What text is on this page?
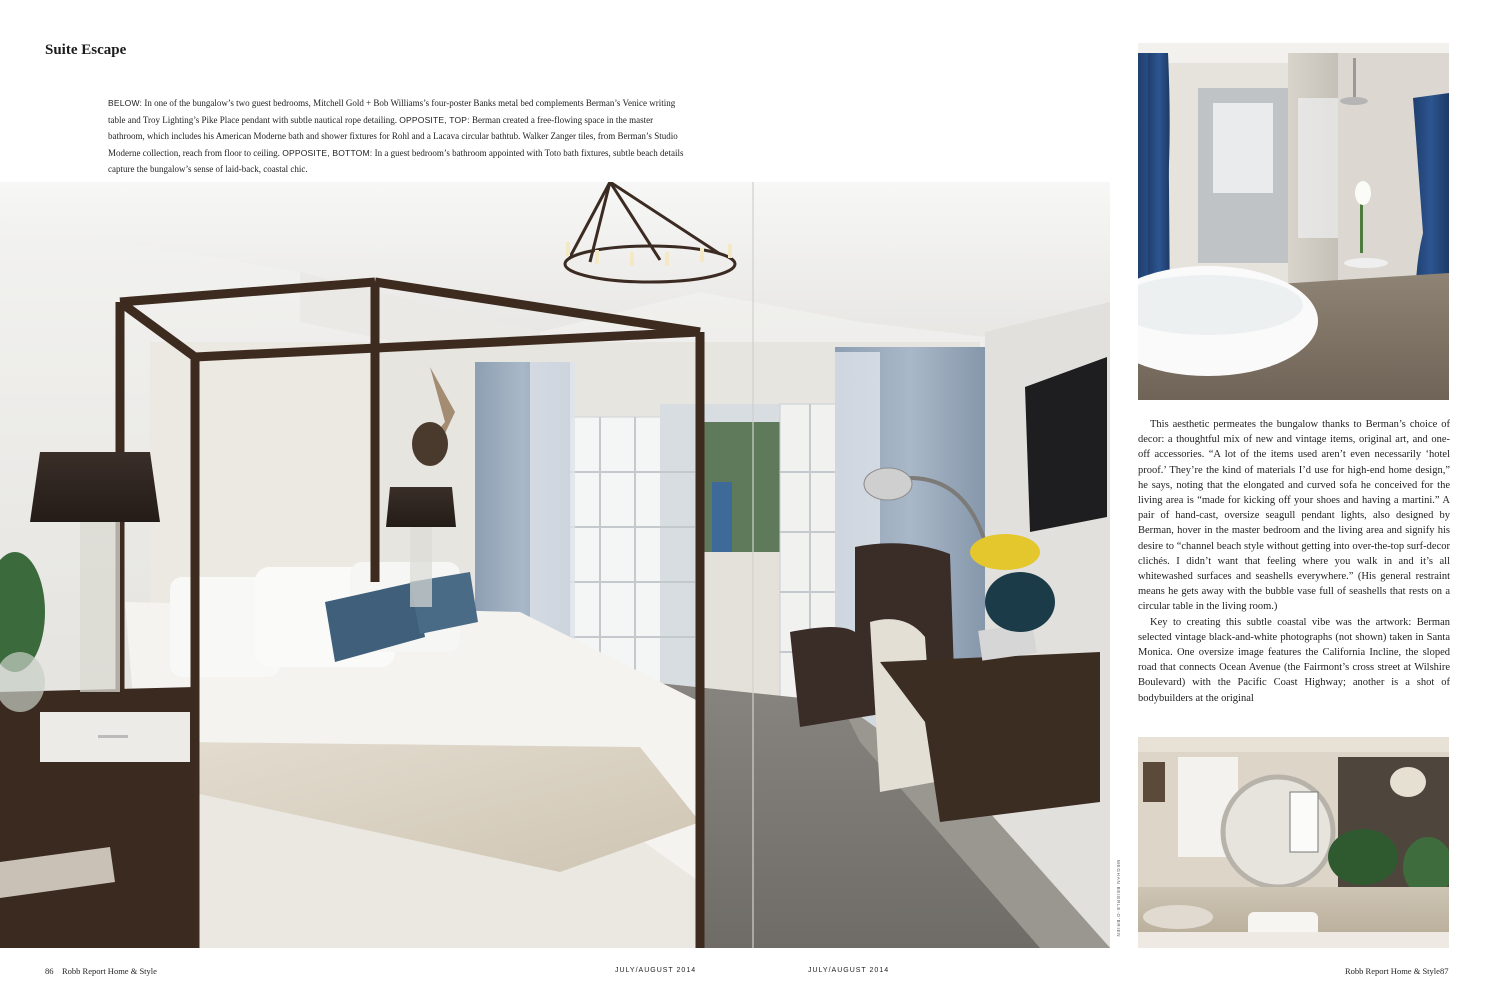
Suite Escape
BELOW: In one of the bungalow’s two guest bedrooms, Mitchell Gold + Bob Williams’s four-poster Banks metal bed complements Berman’s Venice writing table and Troy Lighting’s Pike Place pendant with subtle nautical rope detailing. OPPOSITE, TOP: Berman created a free-flowing space in the master bathroom, which includes his American Moderne bath and shower fixtures for Rohl and a Lacava circular bathtub. Walker Zanger tiles, from Berman’s Studio Moderne collection, reach from floor to ceiling. OPPOSITE, BOTTOM: In a guest bedroom’s bathroom appointed with Toto bath fixtures, subtle beach details capture the bungalow’s sense of laid-back, coastal chic.
MEGHAN BEIERLE-O’BRIEN

This aesthetic permeates the bungalow thanks to Berman’s choice of decor: a thoughtful mix of new and vintage items, original art, and one-off accessories. “A lot of the items used aren’t even necessarily ‘hotel proof.’ They’re the kind of materials I’d use for high-end home design,” he says, noting that the elongated and curved sofa he conceived for the living area is “made for kicking off your shoes and having a martini.” A pair of hand-cast, oversize seagull pendant lights, also designed by Berman, hover in the master bedroom and the living area and signify his desire to “channel beach style without getting into over-the-top surf-decor clichés. I didn’t want that feeling where you walk in and it’s all whitewashed surfaces and seashells everywhere.” (His general restraint means he gets away with the bubble vase full of seashells that rests on a circular table in the living room.)

Key to creating this subtle coastal vibe was the artwork: Berman selected vintage black-and-white photographs (not shown) taken in Santa Monica. One oversize image features the California Incline, the sloped road that connects Ocean Avenue (the Fairmont’s cross street at Wilshire Boulevard) with the Pacific Coast Highway; another is a shot of bodybuilders at the original

86 Robb Report Home & Style	JULY/AUGUST 2014	JULY/AUGUST 2014	Robb Report Home & Style 87
